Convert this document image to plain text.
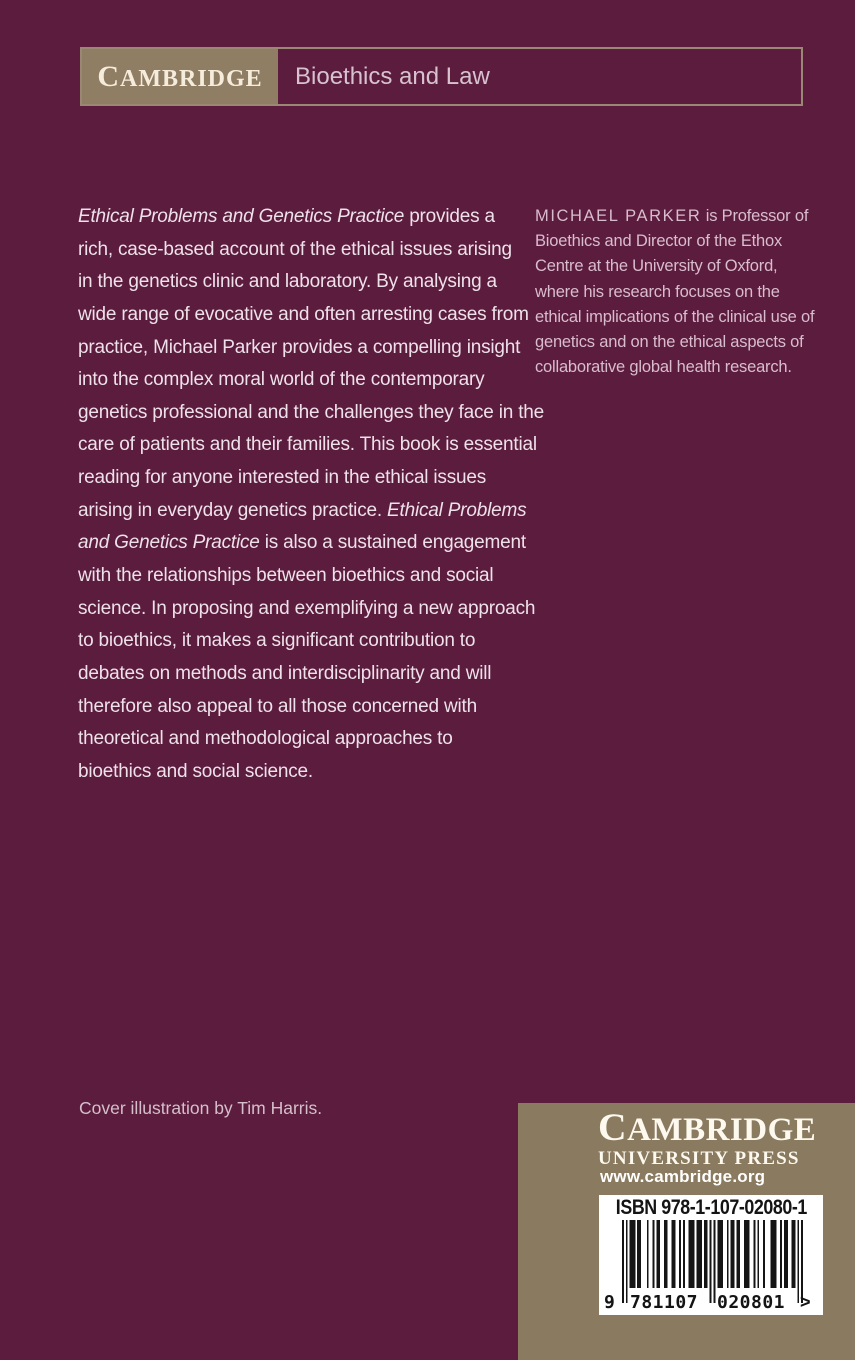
CAMBRIDGE	Bioethics and Law
Ethical Problems and Genetics Practice provides a
rich, case-based account of the ethical issues arising
in the genetics clinic and laboratory. By analysing a
wide range of evocative and often arresting cases from
practice, Michael Parker provides a compelling insight
into the complex moral world of the contemporary
genetics professional and the challenges they face in the
care of patients and their families. This book is essential
reading for anyone interested in the ethical issues
arising in everyday genetics practice. Ethical Problems
and Genetics Practice is also a sustained engagement
with the relationships between bioethics and social
science. In proposing and exemplifying a new approach
to bioethics, it makes a significant contribution to
debates on methods and interdisciplinarity and will
therefore also appeal to all those concerned with
theoretical and methodological approaches to
bioethics and social science.
MICHAEL PARKER is Professor of
Bioethics and Director of the Ethox
Centre at the University of Oxford,
where his research focuses on the
ethical implications of the clinical use of
genetics and on the ethical aspects of
collaborative global health research.
Cover illustration by Tim Harris.	CAMBRIDGE
UNIVERSITY PRESS
www.cambridge.org
ISBN 978-1-107-02080-1
9 781107 020801 >
